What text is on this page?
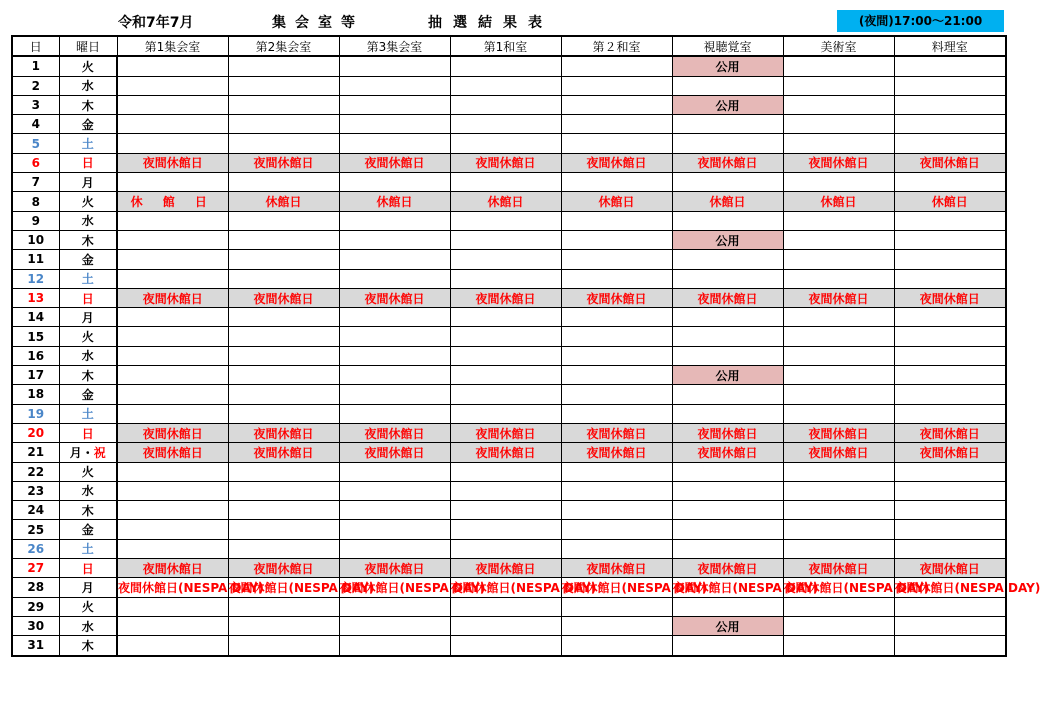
令和7年7月	集会室等	抽選結果表	(夜間)17:00〜21:00
日	曜日	第1集会室	第2集会室	第3集会室	第1和室	第２和室	視聴覚室	美術室	料理室
1	火						公用		
2	水								
3	木						公用		
4	金								
5	土								
6	日	夜間休館日	夜間休館日	夜間休館日	夜間休館日	夜間休館日	夜間休館日	夜間休館日	夜間休館日
7	月								
8	火	休 館 日	休館日	休館日	休館日	休館日	休館日	休館日	休館日
9	水								
10	木						公用		
11	金								
12	土								
13	日	夜間休館日	夜間休館日	夜間休館日	夜間休館日	夜間休館日	夜間休館日	夜間休館日	夜間休館日
14	月								
15	火								
16	水								
17	木						公用		
18	金								
19	土								
20	日	夜間休館日	夜間休館日	夜間休館日	夜間休館日	夜間休館日	夜間休館日	夜間休館日	夜間休館日
21	月・祝	夜間休館日	夜間休館日	夜間休館日	夜間休館日	夜間休館日	夜間休館日	夜間休館日	夜間休館日
22	火								
23	水								
24	木								
25	金								
26	土								
27	日	夜間休館日	夜間休館日	夜間休館日	夜間休館日	夜間休館日	夜間休館日	夜間休館日	夜間休館日
28	月	夜間休館日(NESPA DAY)	夜間休館日(NESPA DAY)	夜間休館日(NESPA DAY)	夜間休館日(NESPA DAY)	夜間休館日(NESPA DAY)	夜間休館日(NESPA DAY)	夜間休館日(NESPA DAY)	夜間休館日(NESPA DAY)
29	火								
30	水						公用		
31	木								
